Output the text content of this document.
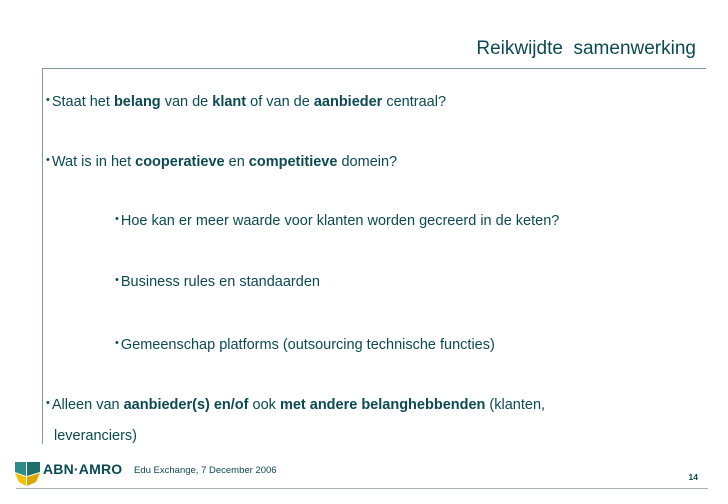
Reikwijdte  samenwerking
• Staat het belang van de klant of van de aanbieder centraal?
• Wat is in het cooperatieve en competitieve domein?
• Hoe kan er meer waarde voor klanten worden gecreerd in de keten?
• Business rules en standaarden
• Gemeenschap platforms (outsourcing technische functies)
• Alleen van aanbieder(s) en/of ook met andere belanghebbenden (klanten,
leveranciers)
ABN·AMRO Edu Exchange, 7 December 2006
14
